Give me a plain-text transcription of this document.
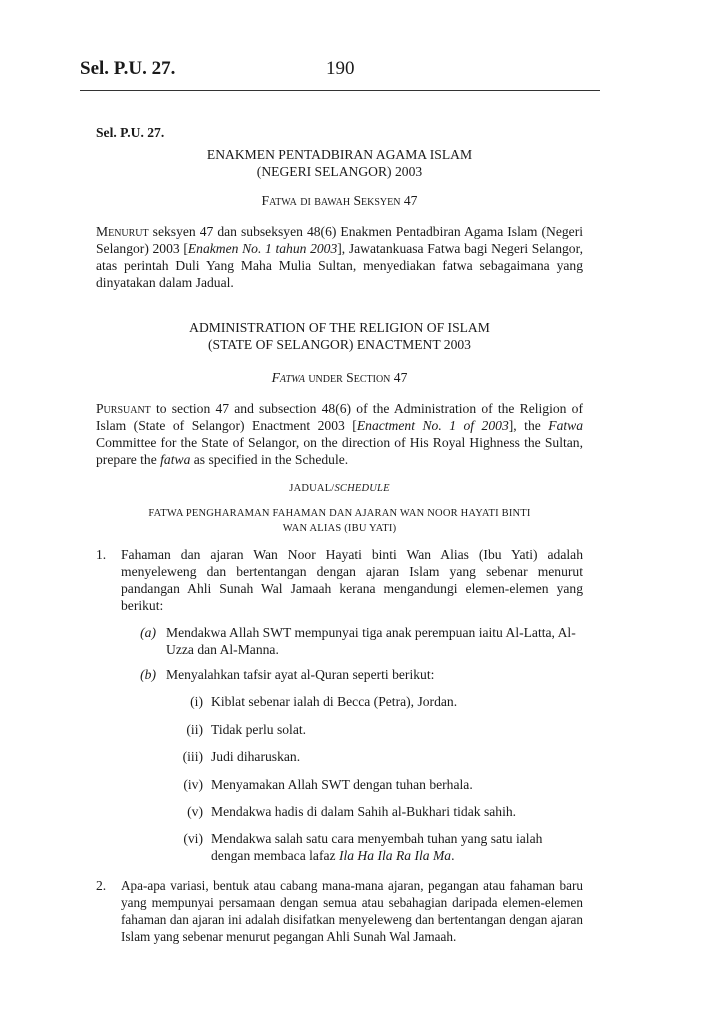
Sel. P.U. 27.	190
Sel. P.U. 27.
ENAKMEN PENTADBIRAN AGAMA ISLAM
(NEGERI SELANGOR) 2003
Fatwa di bawah Seksyen 47

Menurut seksyen 47 dan subseksyen 48(6) Enakmen Pentadbiran Agama Islam (Negeri Selangor) 2003 [Enakmen No. 1 tahun 2003], Jawatankuasa Fatwa bagi Negeri Selangor, atas perintah Duli Yang Maha Mulia Sultan, menyediakan fatwa sebagaimana yang dinyatakan dalam Jadual.

ADMINISTRATION OF THE RELIGION OF ISLAM
(STATE OF SELANGOR) ENACTMENT 2003
Fatwa under Section 47

Pursuant to section 47 and subsection 48(6) of the Administration of the Religion of Islam (State of Selangor) Enactment 2003 [Enactment No. 1 of 2003], the Fatwa Committee for the State of Selangor, on the direction of His Royal Highness the Sultan, prepare the fatwa as specified in the Schedule.

JADUAL/SCHEDULE
FATWA PENGHARAMAN FAHAMAN DAN AJARAN WAN NOOR HAYATI BINTI
WAN ALIAS (IBU YATI)
1. Fahaman dan ajaran Wan Noor Hayati binti Wan Alias (Ibu Yati) adalah menyeleweng dan bertentangan dengan ajaran Islam yang sebenar menurut pandangan Ahli Sunah Wal Jamaah kerana mengandungi elemen-elemen yang berikut:

(a) Mendakwa Allah SWT mempunyai tiga anak perempuan iaitu Al-Latta, Al-Uzza dan Al-Manna.

(b) Menyalahkan tafsir ayat al-Quran seperti berikut:

(i) Kiblat sebenar ialah di Becca (Petra), Jordan.

(ii) Tidak perlu solat.

(iii) Judi diharuskan.

(iv) Menyamakan Allah SWT dengan tuhan berhala.

(v) Mendakwa hadis di dalam Sahih al-Bukhari tidak sahih.

(vi) Mendakwa salah satu cara menyembah tuhan yang satu ialah dengan membaca lafaz Ila Ha Ila Ra Ila Ma.

2. Apa-apa variasi, bentuk atau cabang mana-mana ajaran, pegangan atau fahaman baru yang mempunyai persamaan dengan semua atau sebahagian daripada elemen-elemen fahaman dan ajaran ini adalah disifatkan menyeleweng dan bertentangan dengan ajaran Islam yang sebenar menurut pegangan Ahli Sunah Wal Jamaah.
